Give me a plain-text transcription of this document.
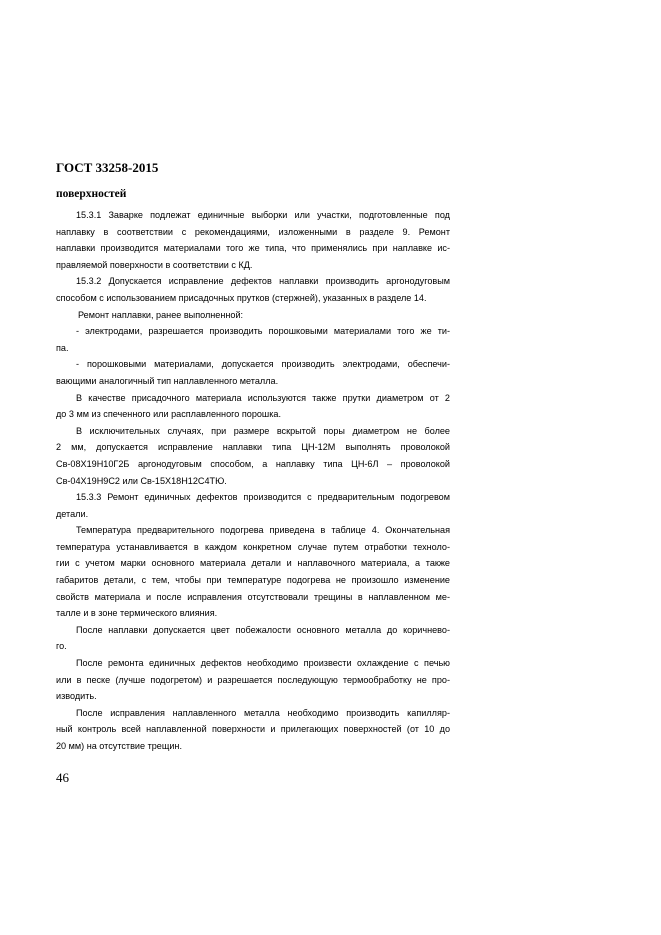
ГОСТ 33258-2015
поверхностей
15.3.1 Заварке подлежат единичные выборки или участки, подготовленные под
наплавку в соответствии с рекомендациями, изложенными в разделе 9. Ремонт
наплавки производится материалами того же типа, что применялись при наплавке ис-
правляемой поверхности в соответствии с КД.
15.3.2 Допускается исправление дефектов наплавки производить аргонодуговым
способом с использованием присадочных прутков (стержней), указанных в разделе 14.
Ремонт наплавки, ранее выполненной:
- электродами, разрешается производить порошковыми материалами того же ти-
па.
- порошковыми материалами, допускается производить электродами, обеспечи-
вающими аналогичный тип наплавленного металла.
В качестве присадочного материала используются также прутки диаметром от 2
до 3 мм из спеченного или расплавленного порошка.
В исключительных случаях, при размере вскрытой поры диаметром не более
2 мм, допускается исправление наплавки типа ЦН-12М выполнять проволокой
Св-08Х19Н10Г2Б аргонодуговым способом, а наплавку типа ЦН-6Л – проволокой
Св-04Х19Н9С2 или Св-15Х18Н12С4ТЮ.
15.3.3 Ремонт единичных дефектов производится с предварительным подогревом
детали.
Температура предварительного подогрева приведена в таблице 4. Окончательная
температура устанавливается в каждом конкретном случае путем отработки техноло-
гии с учетом марки основного материала детали и наплавочного материала, а также
габаритов детали, с тем, чтобы при температуре подогрева не произошло изменение
свойств материала и после исправления отсутствовали трещины в наплавленном ме-
талле и в зоне термического влияния.
После наплавки допускается цвет побежалости основного металла до коричнево-
го.
После ремонта единичных дефектов необходимо произвести охлаждение с печью
или в песке (лучше подогретом) и разрешается последующую термообработку не про-
изводить.
После исправления наплавленного металла необходимо производить капилляр-
ный контроль всей наплавленной поверхности и прилегающих поверхностей (от 10 до
20 мм) на отсутствие трещин.
46
